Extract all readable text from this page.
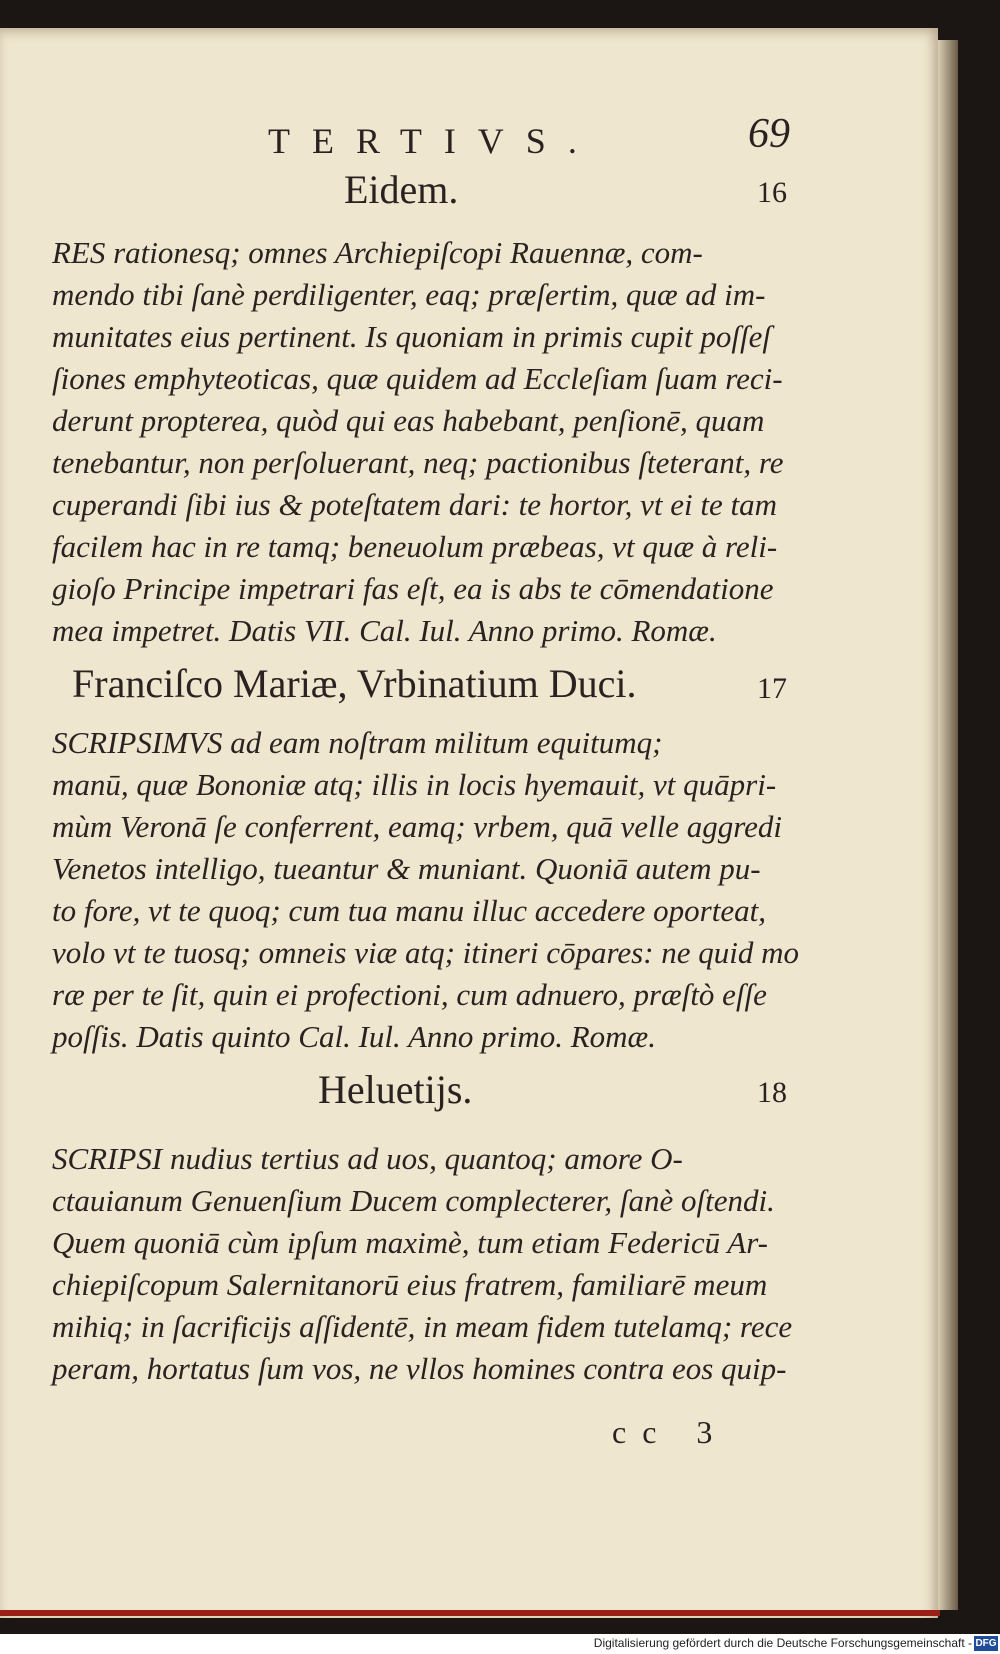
TERTIVS.	69
Eidem.	16
RES rationesq; omnes Archiepiſcopi Rauennæ, com-
mendo tibi ſanè perdiligenter, eaq; præſertim, quæ ad im-
munitates eius pertinent. Is quoniam in primis cupit poſſeſ
ſiones emphyteoticas, quæ quidem ad Eccleſiam ſuam reci-
derunt propterea, quòd qui eas habebant, penſionē, quam
tenebantur, non perſoluerant, neq; pactionibus ſteterant, re
cuperandi ſibi ius & poteſtatem dari: te hortor, vt ei te tam
facilem hac in re tamq; beneuolum præbeas, vt quæ à reli-
gioſo Principe impetrari fas eſt, ea is abs te cōmendatione
mea impetret. Datis VII. Cal. Iul. Anno primo. Romæ.
Franciſco Mariæ, Vrbinatium Duci.	17
SCRIPSIMVS ad eam noſtram militum equitumq;
manū, quæ Bononiæ atq; illis in locis hyemauit, vt quāpri-
mùm Veronā ſe conferrent, eamq; vrbem, quā velle aggredi
Venetos intelligo, tueantur & muniant. Quoniā autem pu-
to fore, vt te quoq; cum tua manu illuc accedere oporteat,
volo vt te tuosq; omneis viæ atq; itineri cōpares: ne quid mo
ræ per te ſit, quin ei profectioni, cum adnuero, præſtò eſſe
poſſis. Datis quinto Cal. Iul. Anno primo. Romæ.
Heluetijs.	18
SCRIPSI nudius tertius ad uos, quantoq; amore O-
ctauianum Genuenſium Ducem complecterer, ſanè oſtendi.
Quem quoniā cùm ipſum maximè, tum etiam Federicū Ar-
chiepiſcopum Salernitanorū eius fratrem, familiarē meum
mihiq; in ſacrificijs aſſidentē, in meam fidem tutelamq; rece
peram, hortatus ſum vos, ne vllos homines contra eos quip-
cc 3
Digitalisierung gefördert durch die Deutsche Forschungsgemeinschaft - DFG
